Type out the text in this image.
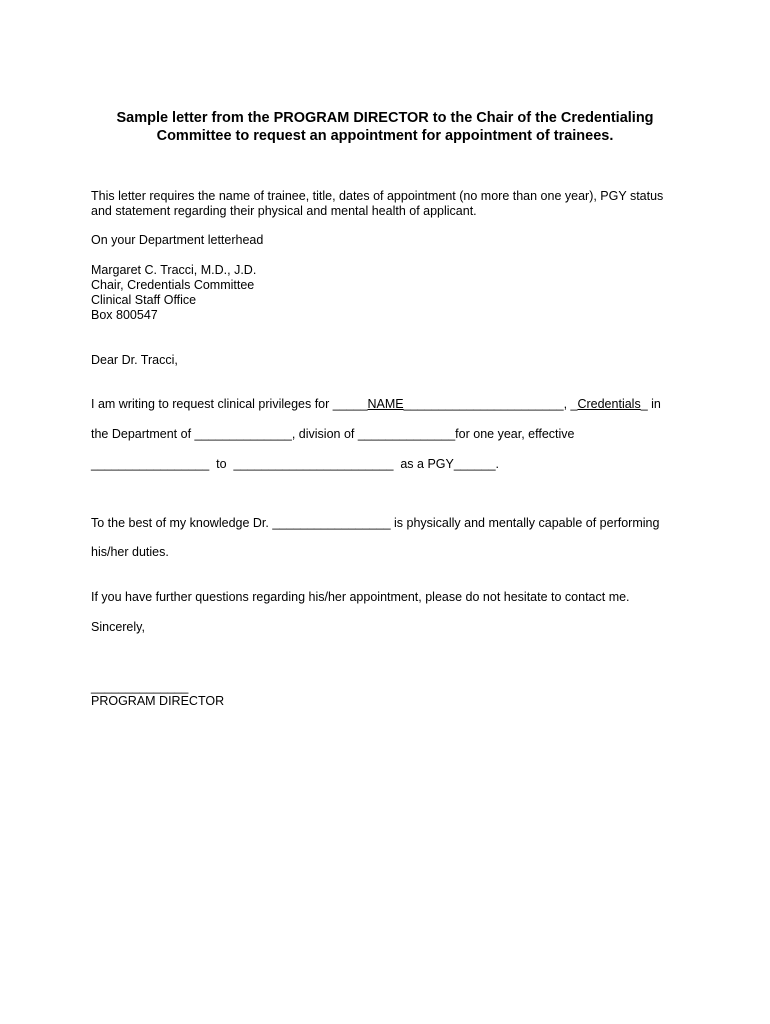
Sample letter from the PROGRAM DIRECTOR to the Chair of the Credentialing
Committee to request an appointment for appointment of trainees.
This letter requires the name of trainee, title, dates of appointment (no more than one year), PGY status
and statement regarding their physical and mental health of applicant.
On your Department letterhead
Margaret C. Tracci, M.D., J.D.
Chair, Credentials Committee
Clinical Staff Office
Box 800547
Dear Dr. Tracci,
I am writing to request clinical privileges for _____NAME_______________________, _Credentials_ in
the Department of ______________, division of ______________for one year, effective
_________________  to  _______________________  as a PGY______.
To the best of my knowledge Dr. _________________ is physically and mentally capable of performing
his/her duties.
If you have further questions regarding his/her appointment, please do not hesitate to contact me.
Sincerely,
______________
PROGRAM DIRECTOR
